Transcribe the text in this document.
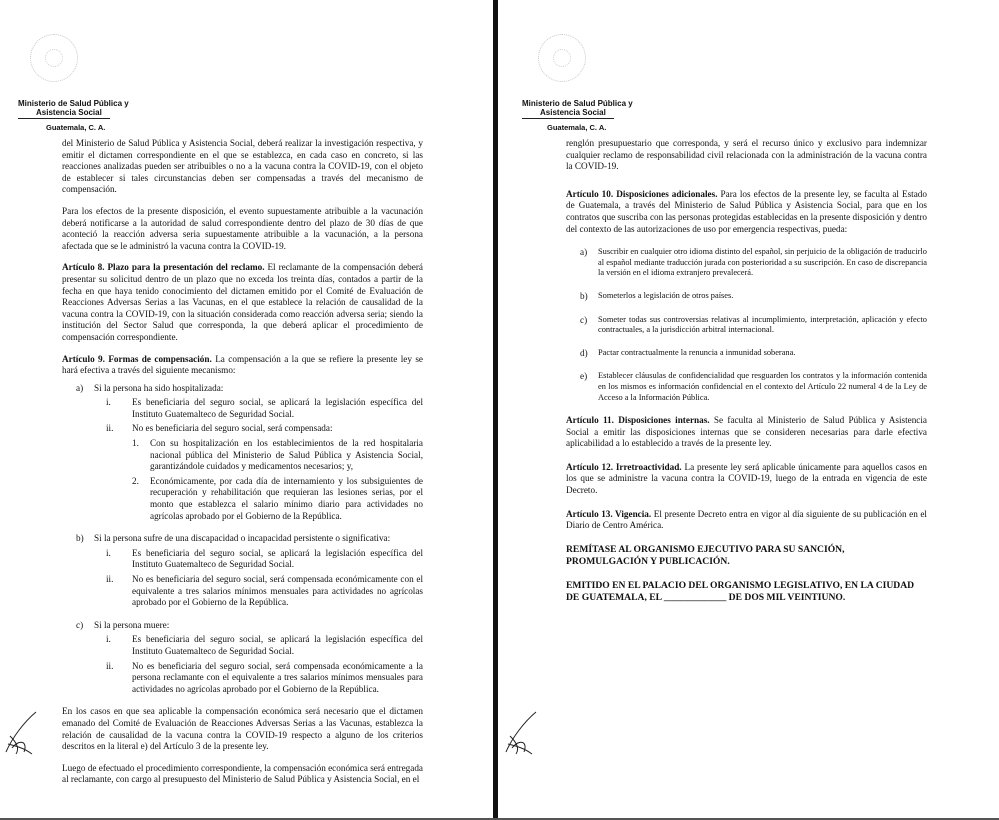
Ministerio de Salud Pública y
Asistencia Social
Guatemala, C. A.

del Ministerio de Salud Pública y Asistencia Social, deberá realizar la investigación respectiva, y emitir el dictamen correspondiente en el que se establezca, en cada caso en concreto, si las reacciones analizadas pueden ser atribuibles o no a la vacuna contra la COVID-19, con el objeto de establecer si tales circunstancias deben ser compensadas a través del mecanismo de compensación.

Para los efectos de la presente disposición, el evento supuestamente atribuible a la vacunación deberá notificarse a la autoridad de salud correspondiente dentro del plazo de 30 días de que aconteció la reacción adversa seria supuestamente atribuible a la vacunación, a la persona afectada que se le administró la vacuna contra la COVID-19.

Artículo 8. Plazo para la presentación del reclamo. El reclamante de la compensación deberá presentar su solicitud dentro de un plazo que no exceda los treinta días, contados a partir de la fecha en que haya tenido conocimiento del dictamen emitido por el Comité de Evaluación de Reacciones Adversas Serias a las Vacunas, en el que establece la relación de causalidad de la vacuna contra la COVID-19, con la situación considerada como reacción adversa seria; siendo la institución del Sector Salud que corresponda, la que deberá aplicar el procedimiento de compensación correspondiente.

Artículo 9. Formas de compensación. La compensación a la que se refiere la presente ley se hará efectiva a través del siguiente mecanismo:

a)	Si la persona ha sido hospitalizada:
i.	Es beneficiaria del seguro social, se aplicará la legislación específica del Instituto Guatemalteco de Seguridad Social.
ii.	No es beneficiaria del seguro social, será compensada:
1.	Con su hospitalización en los establecimientos de la red hospitalaria nacional pública del Ministerio de Salud Pública y Asistencia Social, garantizándole cuidados y medicamentos necesarios; y,
2.	Económicamente, por cada día de internamiento y los subsiguientes de recuperación y rehabilitación que requieran las lesiones serias, por el monto que establezca el salario mínimo diario para actividades no agrícolas aprobado por el Gobierno de la República.
b)	Si la persona sufre de una discapacidad o incapacidad persistente o significativa:
i.	Es beneficiaria del seguro social, se aplicará la legislación específica del Instituto Guatemalteco de Seguridad Social.
ii.	No es beneficiaria del seguro social, será compensada económicamente con el equivalente a tres salarios mínimos mensuales para actividades no agrícolas aprobado por el Gobierno de la República.
c)	Si la persona muere:
i.	Es beneficiaria del seguro social, se aplicará la legislación específica del Instituto Guatemalteco de Seguridad Social.
ii.	No es beneficiaria del seguro social, será compensada económicamente a la persona reclamante con el equivalente a tres salarios mínimos mensuales para actividades no agrícolas aprobado por el Gobierno de la República.

En los casos en que sea aplicable la compensación económica será necesario que el dictamen emanado del Comité de Evaluación de Reacciones Adversas Serias a las Vacunas, establezca la relación de causalidad de la vacuna contra la COVID-19 respecto a alguno de los criterios descritos en la literal e) del Artículo 3 de la presente ley.

Luego de efectuado el procedimiento correspondiente, la compensación económica será entregada al reclamante, con cargo al presupuesto del Ministerio de Salud Pública y Asistencia Social, en el

Ministerio de Salud Pública y
Asistencia Social
Guatemala, C. A.

renglón presupuestario que corresponda, y será el recurso único y exclusivo para indemnizar cualquier reclamo de responsabilidad civil relacionada con la administración de la vacuna contra la COVID-19.

Artículo 10. Disposiciones adicionales. Para los efectos de la presente ley, se faculta al Estado de Guatemala, a través del Ministerio de Salud Pública y Asistencia Social, para que en los contratos que suscriba con las personas protegidas establecidas en la presente disposición y dentro del contexto de las autorizaciones de uso por emergencia respectivas, pueda:

a)	Suscribir en cualquier otro idioma distinto del español, sin perjuicio de la obligación de traducirlo al español mediante traducción jurada con posterioridad a su suscripción. En caso de discrepancia la versión en el idioma extranjero prevalecerá.
b)	Someterlos a legislación de otros países.
c)	Someter todas sus controversias relativas al incumplimiento, interpretación, aplicación y efecto contractuales, a la jurisdicción arbitral internacional.
d)	Pactar contractualmente la renuncia a inmunidad soberana.
e)	Establecer cláusulas de confidencialidad que resguarden los contratos y la información contenida en los mismos es información confidencial en el contexto del Artículo 22 numeral 4 de la Ley de Acceso a la Información Pública.

Artículo 11. Disposiciones internas. Se faculta al Ministerio de Salud Pública y Asistencia Social a emitir las disposiciones internas que se consideren necesarias para darle efectiva aplicabilidad a lo establecido a través de la presente ley.

Artículo 12. Irretroactividad. La presente ley será aplicable únicamente para aquellos casos en los que se administre la vacuna contra la COVID-19, luego de la entrada en vigencia de este Decreto.

Artículo 13. Vigencia. El presente Decreto entra en vigor al día siguiente de su publicación en el Diario de Centro América.

REMÍTASE AL ORGANISMO EJECUTIVO PARA SU SANCIÓN, PROMULGACIÓN Y PUBLICACIÓN.
EMITIDO EN EL PALACIO DEL ORGANISMO LEGISLATIVO, EN LA CIUDAD DE GUATEMALA, EL _____________ DE DOS MIL VEINTIUNO.
